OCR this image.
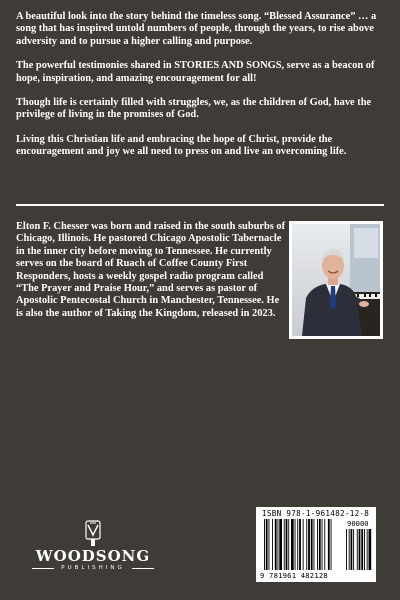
A beautiful look into the story behind the timeless song. “Blessed Assurance” … a song that has inspired untold numbers of people, through the years, to rise above adversity and to pursue a higher calling and purpose.

The powerful testimonies shared in STORIES AND SONGS, serve as a beacon of hope, inspiration, and amazing encouragement for all!

Though life is certainly filled with struggles, we, as the children of God, have the privilege of living in the promises of God.

Living this Christian life and embracing the hope of Christ, provide the encouragement and joy we all need to press on and live an overcoming life.

Elton F. Chesser was born and raised in the south suburbs of Chicago, Illinois. He pastored Chicago Apostolic Tabernacle in the inner city before moving to Tennessee. He currently serves on the board of Ruach of Coffee County First Responders, hosts a weekly gospel radio program called “The Prayer and Praise Hour,” and serves as pastor of Apostolic Pentecostal Church in Manchester, Tennessee. He is also the author of Taking the Kingdom, released in 2023.
WOODSONG
PUBLISHING
ISBN 978-1-961482-12-8
90000
9 781961 482128
